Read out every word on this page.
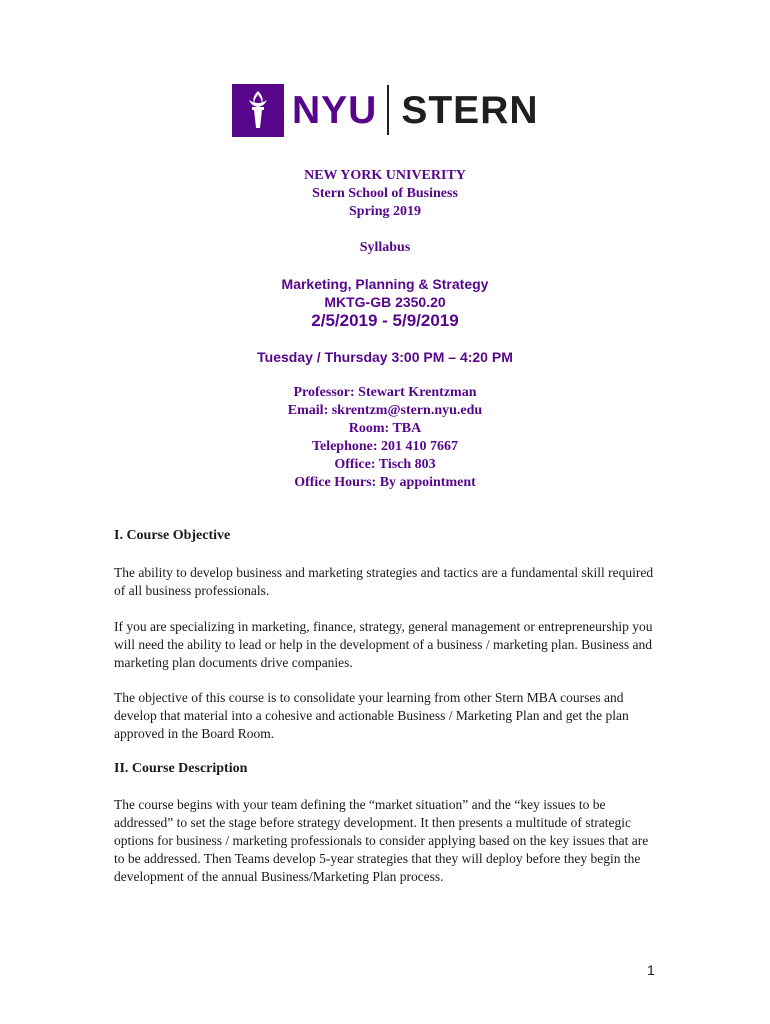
NYU STERN
NEW YORK UNIVERITY
Stern School of Business
Spring 2019
Syllabus
Marketing, Planning & Strategy
MKTG-GB 2350.20
2/5/2019 - 5/9/2019
Tuesday / Thursday 3:00 PM – 4:20 PM
Professor: Stewart Krentzman
Email: skrentzm@stern.nyu.edu
Room: TBA
Telephone: 201 410 7667
Office: Tisch 803
Office Hours: By appointment
I. Course Objective
The ability to develop business and marketing strategies and tactics are a fundamental skill required of all business professionals.
If you are specializing in marketing, finance, strategy, general management or entrepreneurship you will need the ability to lead or help in the development of a business / marketing plan. Business and marketing plan documents drive companies.
The objective of this course is to consolidate your learning from other Stern MBA courses and develop that material into a cohesive and actionable Business / Marketing Plan and get the plan approved in the Board Room.
II. Course Description
The course begins with your team defining the “market situation” and the “key issues to be addressed” to set the stage before strategy development. It then presents a multitude of strategic options for business / marketing professionals to consider applying based on the key issues that are to be addressed. Then Teams develop 5-year strategies that they will deploy before they begin the development of the annual Business/Marketing Plan process.
1
